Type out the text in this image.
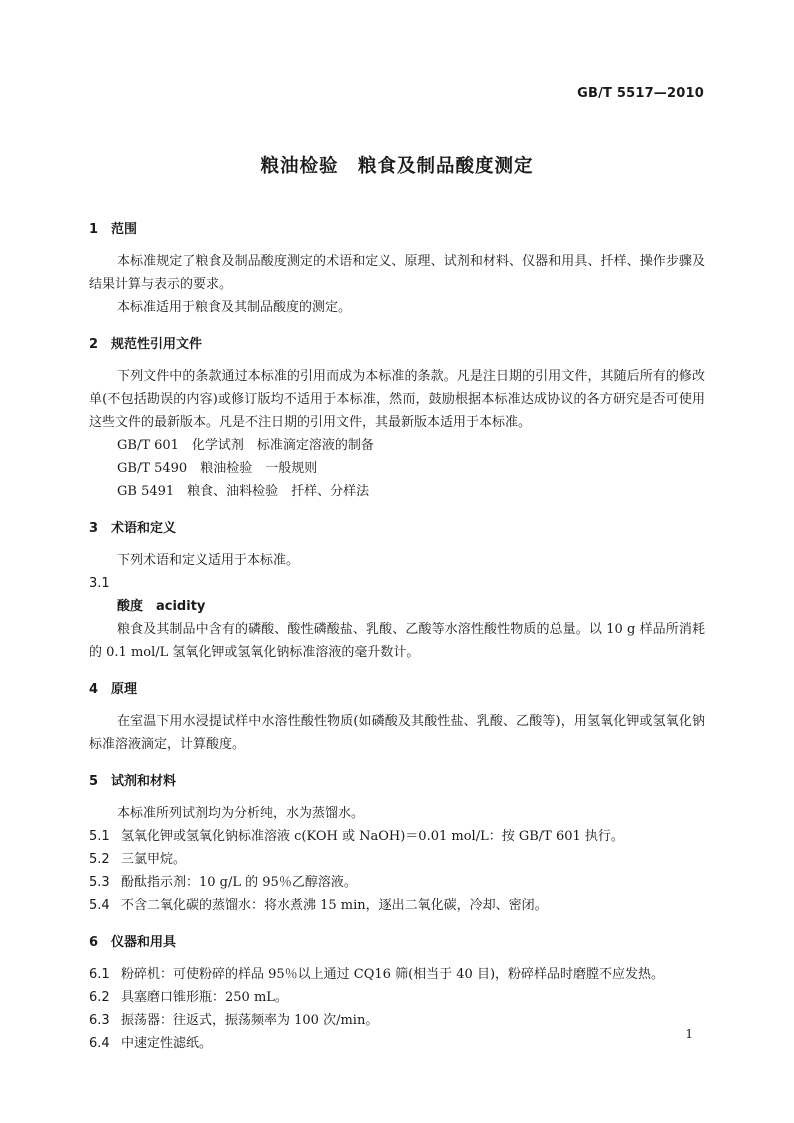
GB/T 5517—2010
粮油检验　粮食及制品酸度测定
1 范围

本标准规定了粮食及制品酸度测定的术语和定义、原理、试剂和材料、仪器和用具、扦样、操作步骤及结果计算与表示的要求。

本标准适用于粮食及其制品酸度的测定。

2 规范性引用文件

下列文件中的条款通过本标准的引用而成为本标准的条款。凡是注日期的引用文件，其随后所有的修改单(不包括勘误的内容)或修订版均不适用于本标准，然而，鼓励根据本标准达成协议的各方研究是否可使用这些文件的最新版本。凡是不注日期的引用文件，其最新版本适用于本标准。

GB/T 601　化学试剂　标准滴定溶液的制备

GB/T 5490　粮油检验　一般规则

GB 5491　粮食、油料检验　扦样、分样法

3 术语和定义

下列术语和定义适用于本标准。

3.1

酸度　acidity

粮食及其制品中含有的磷酸、酸性磷酸盐、乳酸、乙酸等水溶性酸性物质的总量。以 10 g 样品所消耗的 0.1 mol/L 氢氧化钾或氢氧化钠标准溶液的毫升数计。

4 原理

在室温下用水浸提试样中水溶性酸性物质(如磷酸及其酸性盐、乳酸、乙酸等)，用氢氧化钾或氢氧化钠标准溶液滴定，计算酸度。

5 试剂和材料

本标准所列试剂均为分析纯，水为蒸馏水。

5.1 氢氧化钾或氢氧化钠标准溶液 c(KOH 或 NaOH)＝0.01 mol/L：按 GB/T 601 执行。

5.2 三氯甲烷。

5.3 酚酞指示剂：10 g/L 的 95％乙醇溶液。

5.4 不含二氧化碳的蒸馏水：将水煮沸 15 min，逐出二氧化碳，冷却、密闭。

6 仪器和用具

6.1 粉碎机：可使粉碎的样品 95％以上通过 CQ16 筛(相当于 40 目)，粉碎样品时磨膛不应发热。

6.2 具塞磨口锥形瓶：250 mL。

6.3 振荡器：往返式，振荡频率为 100 次/min。

6.4 中速定性滤纸。

1
